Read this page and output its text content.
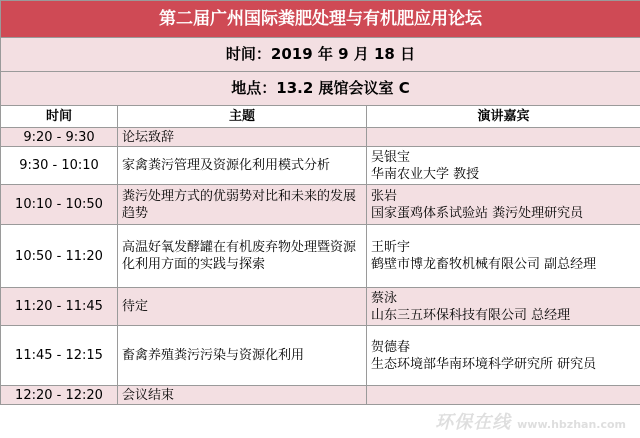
第二届广州国际粪肥处理与有机肥应用论坛		
时间：2019 年 9 月 18 日		
地点：13.2 展馆会议室 C		
时间	主题	演讲嘉宾
9:20 - 9:30	论坛致辞	
9:30 - 10:10	家禽粪污管理及资源化利用模式分析	吴银宝
华南农业大学 教授

10:10 - 10:50	粪污处理方式的优弱势对比和未来的发展趋势	张岩
国家蛋鸡体系试验站 粪污处理研究员

10:50 - 11:20	高温好氧发酵罐在有机废弃物处理暨资源化利用方面的实践与探索	王昕宇
鹤壁市博龙畜牧机械有限公司 副总经理

11:20 - 11:45	待定	蔡泳
山东三五环保科技有限公司 总经理

11:45 - 12:15	畜禽养殖粪污污染与资源化利用	贺德春
生态环境部华南环境科学研究所 研究员

12:20 - 12:20	会议结束	
环保在线 www.hbzhan.com
